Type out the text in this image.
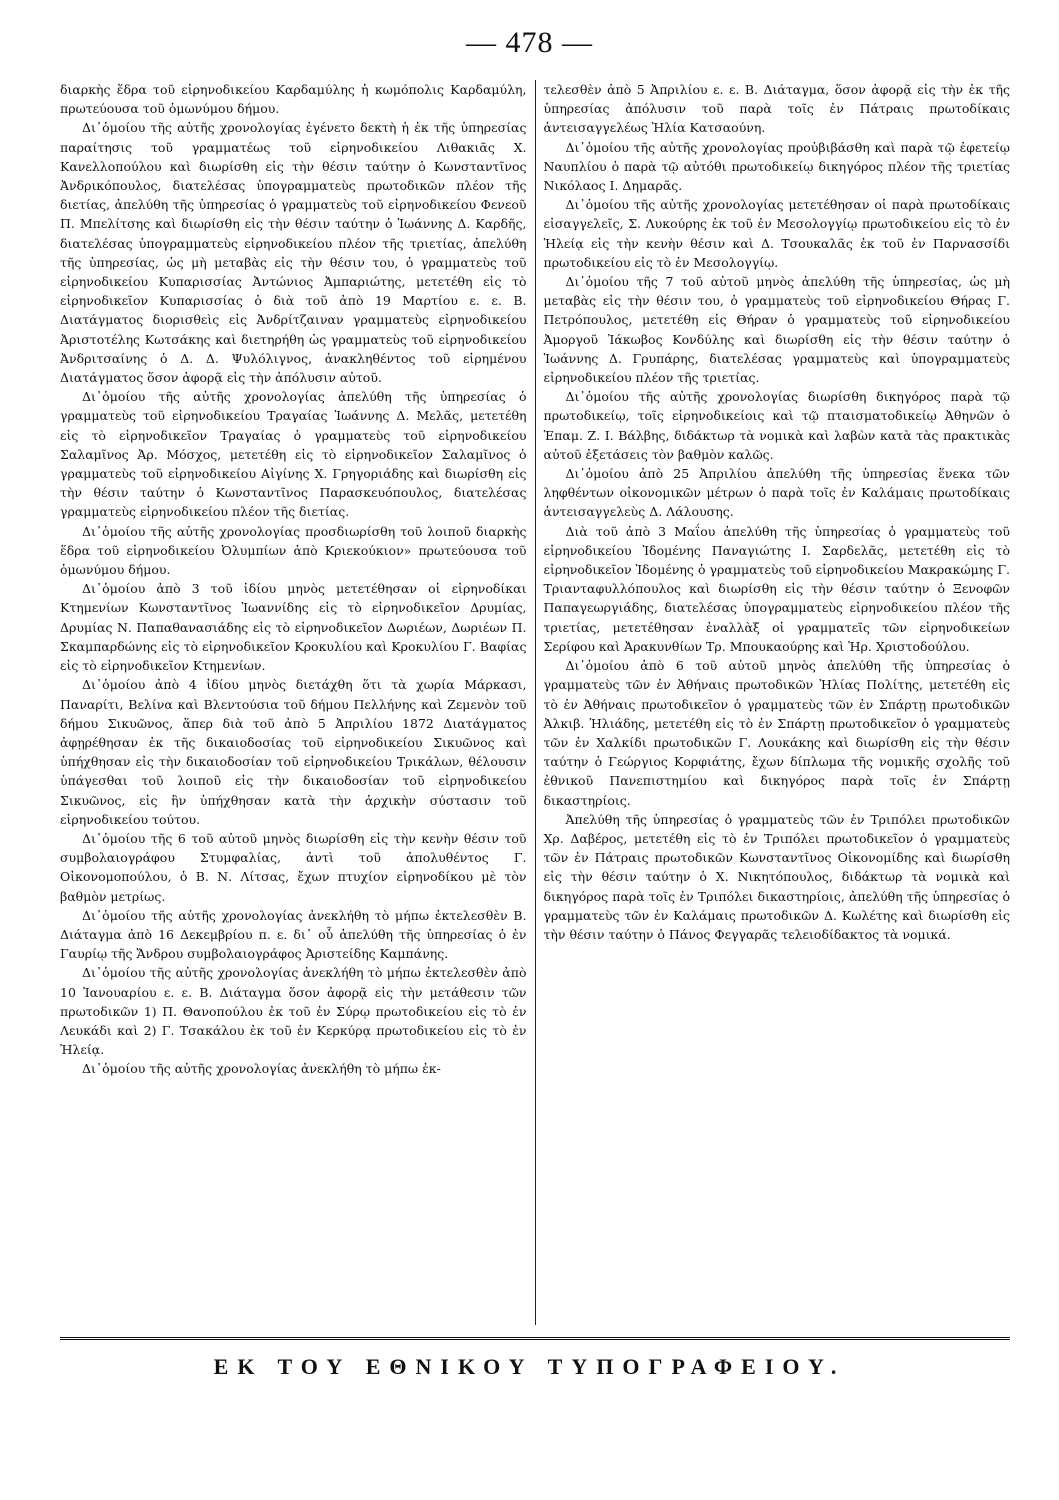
— 478 —

διαρκὴς ἕδρα τοῦ εἰρηνοδικείου Καρδαμύλης ἡ κωμόπολις Καρδαμύλη, πρωτεύουσα τοῦ ὁμωνύμου δήμου.

Δι᾽ὁμοίου τῆς αὐτῆς χρονολογίας ἐγένετο δεκτὴ ἡ ἐκ τῆς ὑπηρεσίας παραίτησις τοῦ γραμματέως τοῦ εἰρηνοδικείου Λιθακιᾶς Χ. Κανελλοπούλου καὶ διωρίσθη εἰς τὴν θέσιν ταύτην ὁ Κωνσταντῖνος Ἀνδρικόπουλος, διατελέσας ὑπογραμματεὺς πρωτοδικῶν πλέον τῆς διετίας, ἀπελύθη τῆς ὑπηρεσίας ὁ γραμματεὺς τοῦ εἰρηνοδικείου Φενεοῦ Π. Μπελίτσης καὶ διωρίσθη εἰς τὴν θέσιν ταύτην ὁ Ἰωάννης Δ. Καρδῆς, διατελέσας ὑπογραμματεὺς εἰρηνοδικείου πλέον τῆς τριετίας, ἀπελύθη τῆς ὑπηρεσίας, ὡς μὴ μεταβὰς εἰς τὴν θέσιν του, ὁ γραμματεὺς τοῦ εἰρηνοδικείου Κυπαρισσίας Ἀντώνιος Ἀμπαριώτης, μετετέθη εἰς τὸ εἰρηνοδικεῖον Κυπαρισσίας ὁ διὰ τοῦ ἀπὸ 19 Μαρτίου ε. ε. Β. Διατάγματος διορισθεὶς εἰς Ἀνδρίτζαιναν γραμματεὺς εἰρηνοδικείου Ἀριστοτέλης Κωτσάκης καὶ διετηρήθη ὡς γραμματεὺς τοῦ εἰρηνοδικείου Ἀνδριτσαίνης ὁ Δ. Δ. Ψυλόλιγνος, ἀνακληθέντος τοῦ εἰρημένου Διατάγματος ὅσον ἀφορᾷ εἰς τὴν ἀπόλυσιν αὐτοῦ.

Δι᾽ὁμοίου τῆς αὐτῆς χρονολογίας ἀπελύθη τῆς ὑπηρεσίας ὁ γραμματεὺς τοῦ εἰρηνοδικείου Τραγαίας Ἰωάννης Δ. Μελᾶς, μετετέθη εἰς τὸ εἰρηνοδικεῖον Τραγαίας ὁ γραμματεὺς τοῦ εἰρηνοδικείου Σαλαμῖνος Ἀρ. Μόσχος, μετετέθη εἰς τὸ εἰρηνοδικεῖον Σαλαμῖνος ὁ γραμματεὺς τοῦ εἰρηνοδικείου Αἰγίνης Χ. Γρηγοριάδης καὶ διωρίσθη εἰς τὴν θέσιν ταύτην ὁ Κωνσταντῖνος Παρασκευόπουλος, διατελέσας γραμματεὺς εἰρηνοδικείου πλέον τῆς διετίας.

Δι᾽ὁμοίου τῆς αὐτῆς χρονολογίας προσδιωρίσθη τοῦ λοιποῦ διαρκὴς ἕδρα τοῦ εἰρηνοδικείου Ὀλυμπίων ἀπὸ Κριεκούκιον» πρωτεύουσα τοῦ ὁμωνύμου δήμου.

Δι᾽ὁμοίου ἀπὸ 3 τοῦ ἰδίου μηνὸς μετετέθησαν οἱ εἰρηνοδίκαι Κτημενίων Κωνσταντῖνος Ἰωαννίδης εἰς τὸ εἰρηνοδικεῖον Δρυμίας, Δρυμίας Ν. Παπαθανασιάδης εἰς τὸ εἰρηνοδικεῖον Δωριέων, Δωριέων Π. Σκαμπαρδώνης εἰς τὸ εἰρηνοδικεῖον Κροκυλίου καὶ Κροκυλίου Γ. Βαφίας εἰς τὸ εἰρηνοδικεῖον Κτημενίων.

Δι᾽ὁμοίου ἀπὸ 4 ἰδίου μηνὸς διετάχθη ὅτι τὰ χωρία Μάρκασι, Παναρίτι, Βελίνα καὶ Βλεντούσια τοῦ δήμου Πελλήνης καὶ Ζεμενὸν τοῦ δήμου Σικυῶνος, ἅπερ διὰ τοῦ ἀπὸ 5 Ἀπριλίου 1872 Διατάγματος ἀφῃρέθησαν ἐκ τῆς δικαιοδοσίας τοῦ εἰρηνοδικείου Σικυῶνος καὶ ὑπήχθησαν εἰς τὴν δικαιοδοσίαν τοῦ εἰρηνοδικείου Τρικάλων, θέλουσιν ὑπάγεσθαι τοῦ λοιποῦ εἰς τὴν δικαιοδοσίαν τοῦ εἰρηνοδικείου Σικυῶνος, εἰς ἣν ὑπήχθησαν κατὰ τὴν ἀρχικὴν σύστασιν τοῦ εἰρηνοδικείου τούτου.

Δι᾽ὁμοίου τῆς 6 τοῦ αὐτοῦ μηνὸς διωρίσθη εἰς τὴν κενὴν θέσιν τοῦ συμβολαιογράφου Στυμφαλίας, ἀντὶ τοῦ ἀπολυθέντος Γ. Οἰκονομοπούλου, ὁ Β. Ν. Λίτσας, ἔχων πτυχίον εἰρηνοδίκου μὲ τὸν βαθμὸν μετρίως.

Δι᾽ὁμοίου τῆς αὐτῆς χρονολογίας ἀνεκλήθη τὸ μήπω ἐκτελεσθὲν Β. Διάταγμα ἀπὸ 16 Δεκεμβρίου π. ε. δι᾽ οὗ ἀπελύθη τῆς ὑπηρεσίας ὁ ἐν Γαυρίῳ τῆς Ἄνδρου συμβολαιογράφος Ἀριστείδης Καμπάνης.

Δι᾽ὁμοίου τῆς αὐτῆς χρονολογίας ἀνεκλήθη τὸ μήπω ἐκτελεσθὲν ἀπὸ 10 Ἰανουαρίου ε. ε. Β. Διάταγμα ὅσον ἀφορᾷ εἰς τὴν μετάθεσιν τῶν πρωτοδικῶν 1) Π. Θανοπούλου ἐκ τοῦ ἐν Σύρῳ πρωτοδικείου εἰς τὸ ἐν Λευκάδι καὶ 2) Γ. Τσακάλου ἐκ τοῦ ἐν Κερκύρᾳ πρωτοδικείου εἰς τὸ ἐν Ἠλείᾳ.

Δι᾽ὁμοίου τῆς αὐτῆς χρονολογίας ἀνεκλήθη τὸ μήπω ἐκ-

τελεσθὲν ἀπὸ 5 Ἀπριλίου ε. ε. Β. Διάταγμα, ὅσον ἀφορᾷ εἰς τὴν ἐκ τῆς ὑπηρεσίας ἀπόλυσιν τοῦ παρὰ τοῖς ἐν Πάτραις πρωτοδίκαις ἀντεισαγγελέως Ἠλία Κατσαούνη.

Δι᾽ὁμοίου τῆς αὐτῆς χρονολογίας προὐβιβάσθη καὶ παρὰ τῷ ἐφετείῳ Ναυπλίου ὁ παρὰ τῷ αὐτόθι πρωτοδικείῳ δικηγόρος πλέον τῆς τριετίας Νικόλαος Ι. Δημαρᾶς.

Δι᾽ὁμοίου τῆς αὐτῆς χρονολογίας μετετέθησαν οἱ παρὰ πρωτοδίκαις εἰσαγγελεῖς, Σ. Λυκούρης ἐκ τοῦ ἐν Μεσολογγίῳ πρωτοδικείου εἰς τὸ ἐν Ἠλείᾳ εἰς τὴν κενὴν θέσιν καὶ Δ. Τσουκαλᾶς ἐκ τοῦ ἐν Παρνασσίδι πρωτοδικείου εἰς τὸ ἐν Μεσολογγίῳ.

Δι᾽ὁμοίου τῆς 7 τοῦ αὐτοῦ μηνὸς ἀπελύθη τῆς ὑπηρεσίας, ὡς μὴ μεταβὰς εἰς τὴν θέσιν του, ὁ γραμματεὺς τοῦ εἰρηνοδικείου Θήρας Γ. Πετρόπουλος, μετετέθη εἰς Θήραν ὁ γραμματεὺς τοῦ εἰρηνοδικείου Ἀμοργοῦ Ἰάκωβος Κονδύλης καὶ διωρίσθη εἰς τὴν θέσιν ταύτην ὁ Ἰωάννης Δ. Γρυπάρης, διατελέσας γραμματεὺς καὶ ὑπογραμματεὺς εἰρηνοδικείου πλέον τῆς τριετίας.

Δι᾽ὁμοίου τῆς αὐτῆς χρονολογίας διωρίσθη δικηγόρος παρὰ τῷ πρωτοδικείῳ, τοῖς εἰρηνοδικείοις καὶ τῷ πταισματοδικείῳ Ἀθηνῶν ὁ Ἐπαμ. Ζ. Ι. Βάλβης, διδάκτωρ τὰ νομικὰ καὶ λαβὼν κατὰ τὰς πρακτικὰς αὐτοῦ ἐξετάσεις τὸν βαθμὸν καλῶς.

Δι᾽ὁμοίου ἀπὸ 25 Ἀπριλίου ἀπελύθη τῆς ὑπηρεσίας ἕνεκα τῶν ληφθέντων οἰκονομικῶν μέτρων ὁ παρὰ τοῖς ἐν Καλάμαις πρωτοδίκαις ἀντεισαγγελεὺς Δ. Λάλουσης.

Διὰ τοῦ ἀπὸ 3 Μαΐου ἀπελύθη τῆς ὑπηρεσίας ὁ γραμματεὺς τοῦ εἰρηνοδικείου Ἰδομένης Παναγιώτης Ι. Σαρδελᾶς, μετετέθη εἰς τὸ εἰρηνοδικεῖον Ἰδομένης ὁ γραμματεὺς τοῦ εἰρηνοδικείου Μακρακώμης Γ. Τριανταφυλλόπουλος καὶ διωρίσθη εἰς τὴν θέσιν ταύτην ὁ Ξενοφῶν Παπαγεωργιάδης, διατελέσας ὑπογραμματεὺς εἰρηνοδικείου πλέον τῆς τριετίας, μετετέθησαν ἐναλλὰξ οἱ γραμματεῖς τῶν εἰρηνοδικείων Σερίφου καὶ Ἀρακυνθίων Τρ. Μπουκαούρης καὶ Ἡρ. Χριστοδούλου.

Δι᾽ὁμοίου ἀπὸ 6 τοῦ αὐτοῦ μηνὸς ἀπελύθη τῆς ὑπηρεσίας ὁ γραμματεὺς τῶν ἐν Ἀθήναις πρωτοδικῶν Ἠλίας Πολίτης, μετετέθη εἰς τὸ ἐν Ἀθήναις πρωτοδικεῖον ὁ γραμματεὺς τῶν ἐν Σπάρτῃ πρωτοδικῶν Ἀλκιβ. Ἠλιάδης, μετετέθη εἰς τὸ ἐν Σπάρτῃ πρωτοδικεῖον ὁ γραμματεὺς τῶν ἐν Χαλκίδι πρωτοδικῶν Γ. Λουκάκης καὶ διωρίσθη εἰς τὴν θέσιν ταύτην ὁ Γεώργιος Κορφιάτης, ἔχων δίπλωμα τῆς νομικῆς σχολῆς τοῦ ἐθνικοῦ Πανεπιστημίου καὶ δικηγόρος παρὰ τοῖς ἐν Σπάρτῃ δικαστηρίοις.

Ἀπελύθη τῆς ὑπηρεσίας ὁ γραμματεὺς τῶν ἐν Τριπόλει πρωτοδικῶν Χρ. Δαβέρος, μετετέθη εἰς τὸ ἐν Τριπόλει πρωτοδικεῖον ὁ γραμματεὺς τῶν ἐν Πάτραις πρωτοδικῶν Κωνσταντῖνος Οἰκονομίδης καὶ διωρίσθη εἰς τὴν θέσιν ταύτην ὁ Χ. Νικητόπουλος, διδάκτωρ τὰ νομικὰ καὶ δικηγόρος παρὰ τοῖς ἐν Τριπόλει δικαστηρίοις, ἀπελύθη τῆς ὑπηρεσίας ὁ γραμματεὺς τῶν ἐν Καλάμαις πρωτοδικῶν Δ. Κωλέτης καὶ διωρίσθη εἰς τὴν θέσιν ταύτην ὁ Πάνος Φεγγαρᾶς τελειοδίδακτος τὰ νομικά.

ΕΚ ΤΟΥ ΕΘΝΙΚΟΥ ΤΥΠΟΓΡΑΦΕΙΟΥ.
